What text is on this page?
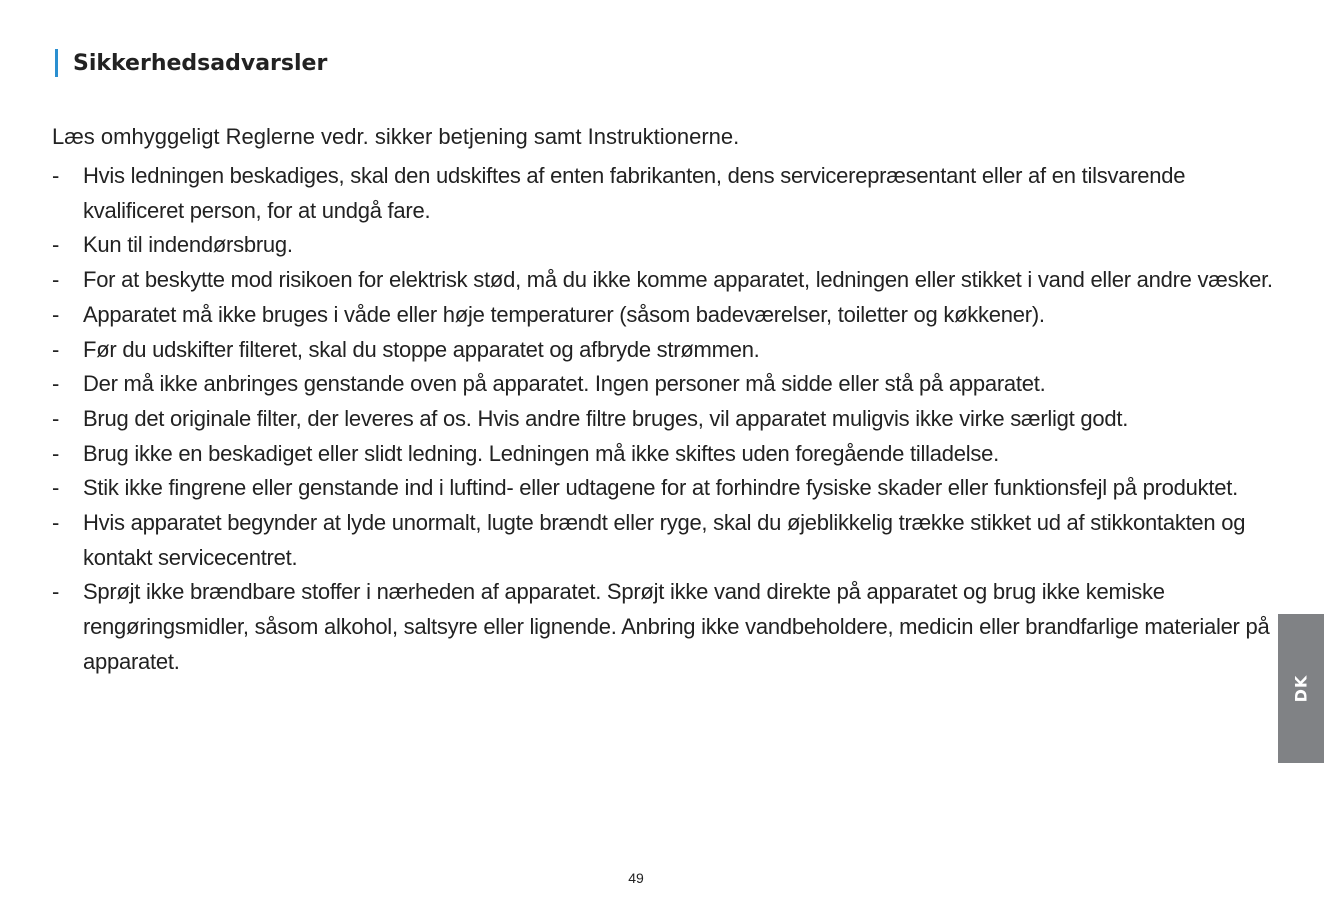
Sikkerhedsadvarsler
Læs omhyggeligt Reglerne vedr. sikker betjening samt Instruktionerne.
-	Hvis ledningen beskadiges, skal den udskiftes af enten fabrikanten, dens servicerepræsentant eller af en tilsvarende kvalificeret person, for at undgå fare.
-	Kun til indendørsbrug.
-	For at beskytte mod risikoen for elektrisk stød, må du ikke komme apparatet, ledningen eller stikket i vand eller andre væsker.
-	Apparatet må ikke bruges i våde eller høje temperaturer (såsom badeværelser, toiletter og køkkener).
-	Før du udskifter filteret, skal du stoppe apparatet og afbryde strømmen.
-	Der må ikke anbringes genstande oven på apparatet. Ingen personer må sidde eller stå på apparatet.
-	Brug det originale filter, der leveres af os. Hvis andre filtre bruges, vil apparatet muligvis ikke virke særligt godt.
-	Brug ikke en beskadiget eller slidt ledning. Ledningen må ikke skiftes uden foregående tilladelse.
-	Stik ikke fingrene eller genstande ind i luftind- eller udtagene for at forhindre fysiske skader eller funktionsfejl på produktet.
-	Hvis apparatet begynder at lyde unormalt, lugte brændt eller ryge, skal du øjeblikkelig trække stikket ud af stikkontakten og kontakt servicecentret.
-	Sprøjt ikke brændbare stoffer i nærheden af apparatet. Sprøjt ikke vand direkte på apparatet og brug ikke kemiske rengøringsmidler, såsom alkohol, saltsyre eller lignende. Anbring ikke vandbeholdere, medicin eller brandfarlige materialer på apparatet.
DK
49
